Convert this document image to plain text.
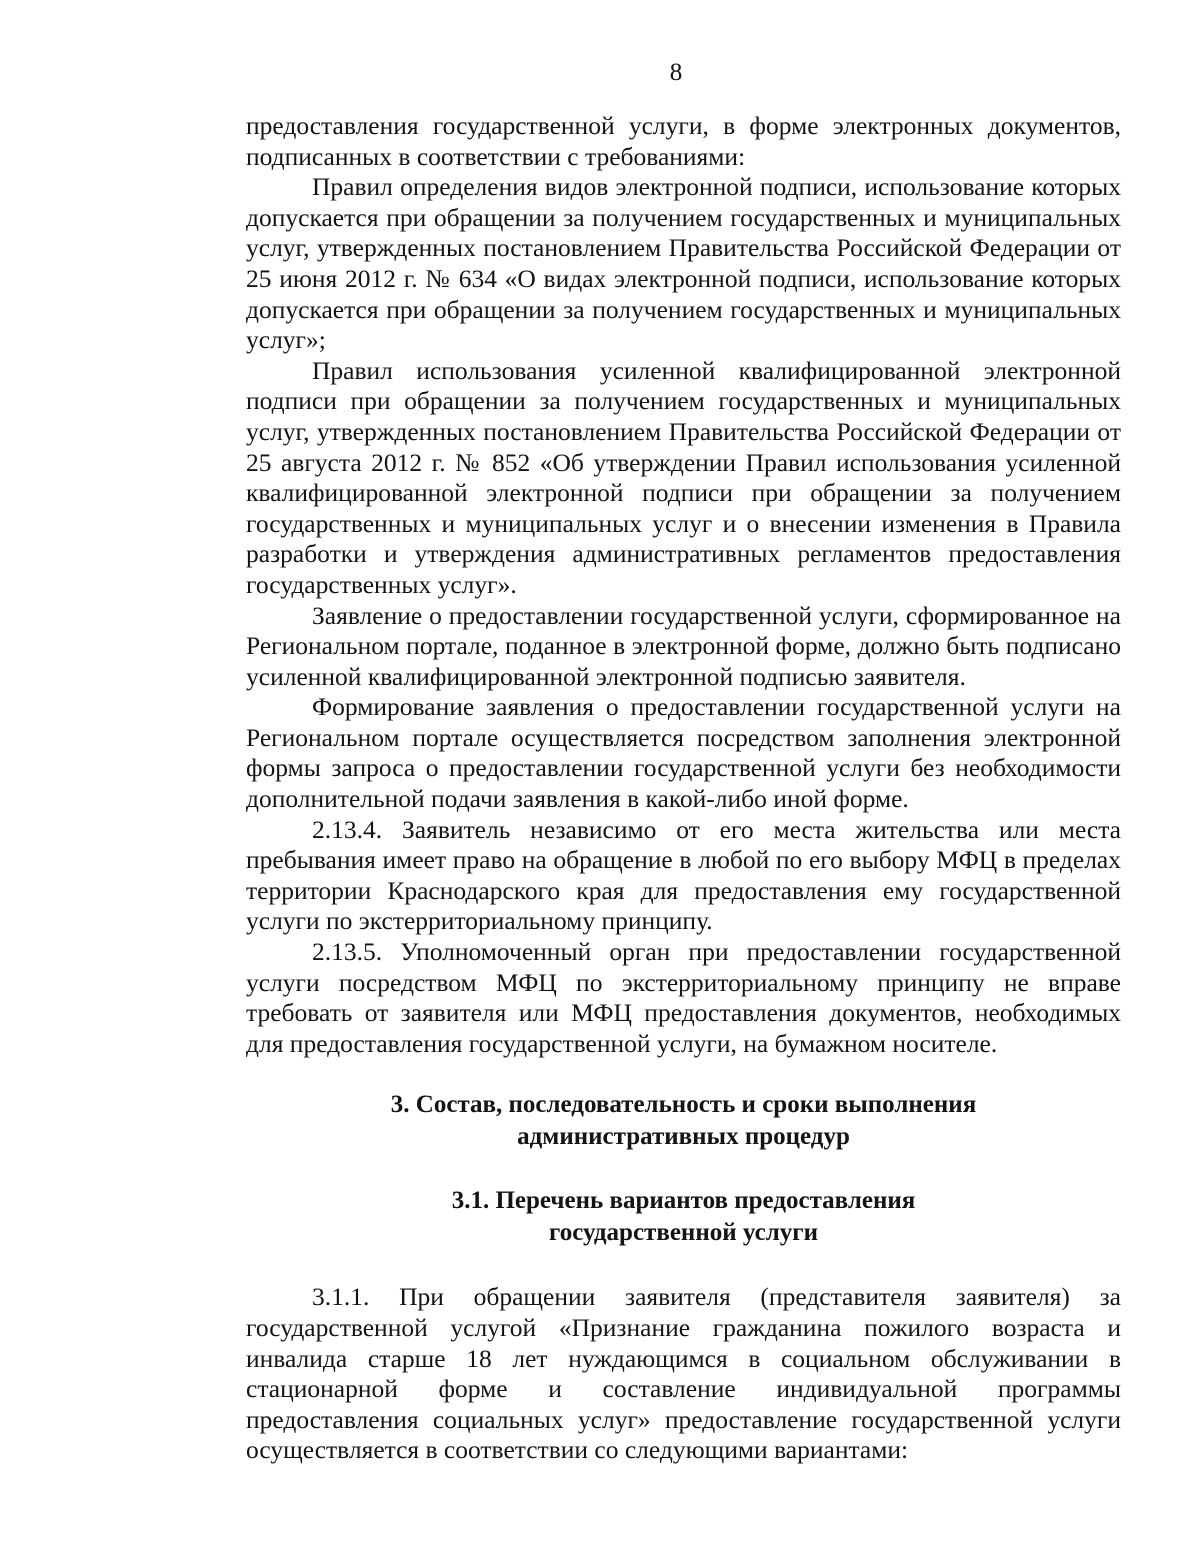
8

предоставления государственной услуги, в форме электронных документов, подписанных в соответствии с требованиями:

Правил определения видов электронной подписи, использование которых допускается при обращении за получением государственных и муниципальных услуг, утвержденных постановлением Правительства Российской Федерации от 25 июня 2012 г. № 634 «О видах электронной подписи, использование которых допускается при обращении за получением государственных и муниципальных услуг»;

Правил использования усиленной квалифицированной электронной подписи при обращении за получением государственных и муниципальных услуг, утвержденных постановлением Правительства Российской Федерации от 25 августа 2012 г. № 852 «Об утверждении Правил использования усиленной квалифицированной электронной подписи при обращении за получением государственных и муниципальных услуг и о внесении изменения в Правила разработки и утверждения административных регламентов предоставления государственных услуг».

Заявление о предоставлении государственной услуги, сформированное на Региональном портале, поданное в электронной форме, должно быть подписано усиленной квалифицированной электронной подписью заявителя.

Формирование заявления о предоставлении государственной услуги на Региональном портале осуществляется посредством заполнения электронной формы запроса о предоставлении государственной услуги без необходимости дополнительной подачи заявления в какой-либо иной форме.

2.13.4. Заявитель независимо от его места жительства или места пребывания имеет право на обращение в любой по его выбору МФЦ в пределах территории Краснодарского края для предоставления ему государственной услуги по экстерриториальному принципу.

2.13.5. Уполномоченный орган при предоставлении государственной услуги посредством МФЦ по экстерриториальному принципу не вправе требовать от заявителя или МФЦ предоставления документов, необходимых для предоставления государственной услуги, на бумажном носителе.

3. Состав, последовательность и сроки выполнения
административных процедур
3.1. Перечень вариантов предоставления
государственной услуги

3.1.1. При обращении заявителя (представителя заявителя) за государственной услугой «Признание гражданина пожилого возраста и инвалида старше 18 лет нуждающимся в социальном обслуживании в стационарной форме и составление индивидуальной программы предоставления социальных услуг» предоставление государственной услуги осуществляется в соответствии со следующими вариантами:
